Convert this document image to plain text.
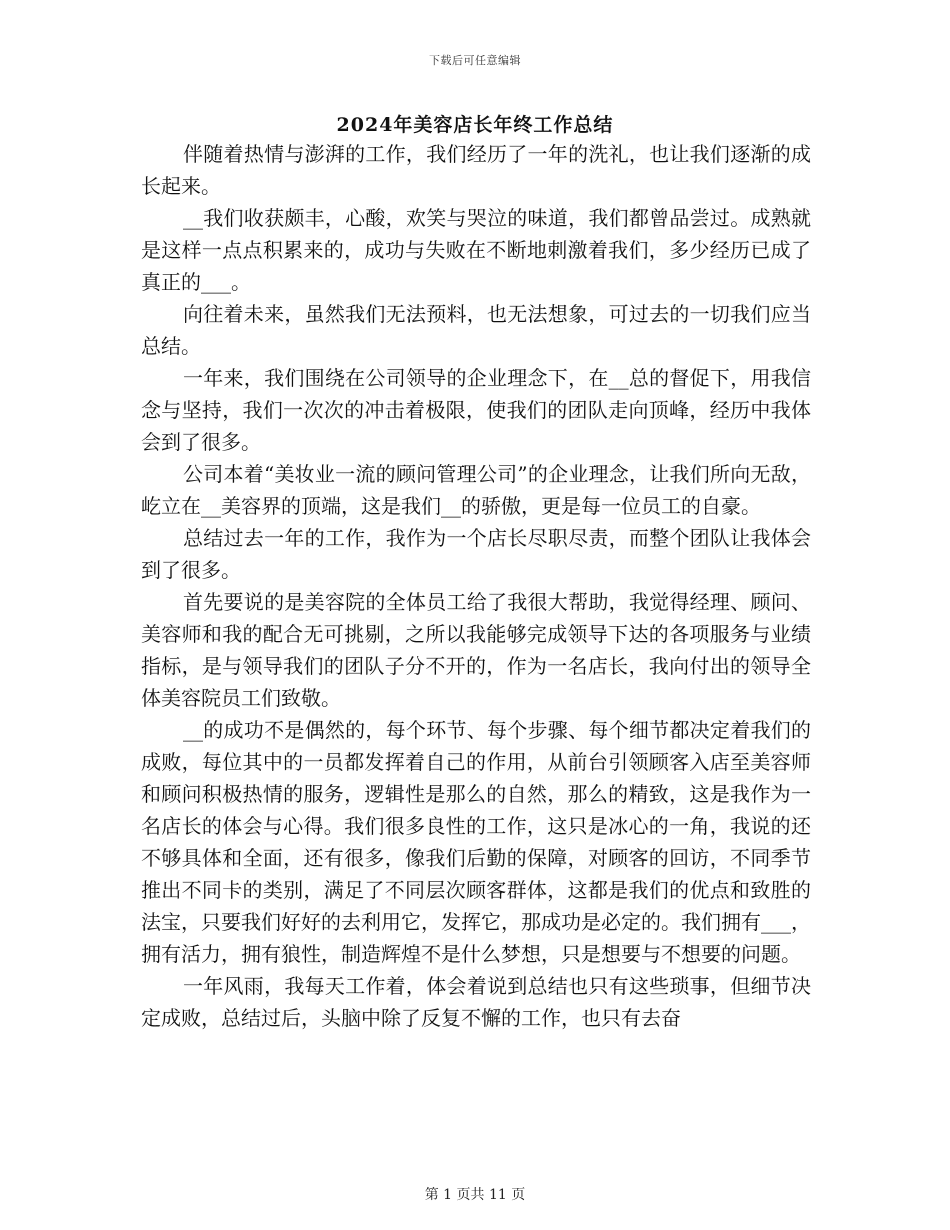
下载后可任意编辑
2024年美容店长年终工作总结

伴随着热情与澎湃的工作，我们经历了一年的洗礼，也让我们逐渐的成长起来。

__我们收获颇丰，心酸，欢笑与哭泣的味道，我们都曾品尝过。成熟就是这样一点点积累来的，成功与失败在不断地刺激着我们，多少经历已成了真正的___。

向往着未来，虽然我们无法预料，也无法想象，可过去的一切我们应当总结。

一年来，我们围绕在公司领导的企业理念下，在__总的督促下，用我信念与坚持，我们一次次的冲击着极限，使我们的团队走向顶峰，经历中我体会到了很多。

公司本着“美妆业一流的顾问管理公司”的企业理念，让我们所向无敌，屹立在__美容界的顶端，这是我们__的骄傲，更是每一位员工的自豪。

总结过去一年的工作，我作为一个店长尽职尽责，而整个团队让我体会到了很多。

首先要说的是美容院的全体员工给了我很大帮助，我觉得经理、顾问、美容师和我的配合无可挑剔，之所以我能够完成领导下达的各项服务与业绩指标，是与领导我们的团队子分不开的，作为一名店长，我向付出的领导全体美容院员工们致敬。

__的成功不是偶然的，每个环节、每个步骤、每个细节都决定着我们的成败，每位其中的一员都发挥着自己的作用，从前台引领顾客入店至美容师和顾问积极热情的服务，逻辑性是那么的自然，那么的精致，这是我作为一名店长的体会与心得。我们很多良性的工作，这只是冰心的一角，我说的还不够具体和全面，还有很多，像我们后勤的保障，对顾客的回访，不同季节推出不同卡的类别，满足了不同层次顾客群体，这都是我们的优点和致胜的法宝，只要我们好好的去利用它，发挥它，那成功是必定的。我们拥有___，拥有活力，拥有狼性，制造辉煌不是什么梦想，只是想要与不想要的问题。

一年风雨，我每天工作着，体会着说到总结也只有这些琐事，但细节决定成败，总结过后，头脑中除了反复不懈的工作，也只有去奋

第 1 页共 11 页
